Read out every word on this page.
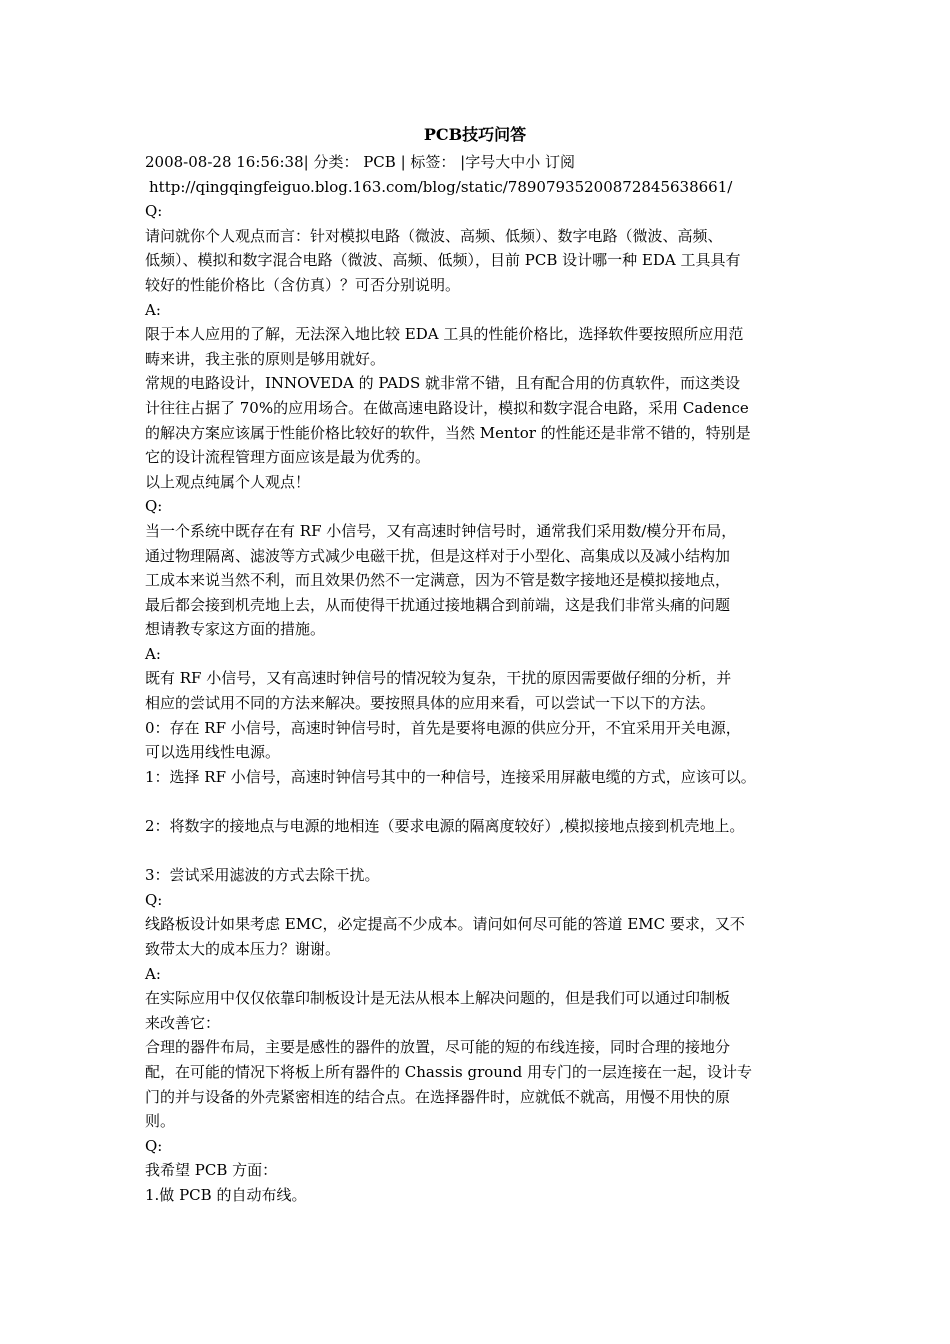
PCB技巧问答
2008-08-28 16:56:38| 分类： PCB | 标签： |字号大中小 订阅
http://qingqingfeiguo.blog.163.com/blog/static/78907935200872845638661/
Q:
请问就你个人观点而言：针对模拟电路（微波、高频、低频）、数字电路（微波、高频、
低频）、模拟和数字混合电路（微波、高频、低频），目前 PCB 设计哪一种 EDA 工具具有
较好的性能价格比（含仿真）？可否分别说明。
A:
限于本人应用的了解，无法深入地比较 EDA 工具的性能价格比，选择软件要按照所应用范
畴来讲，我主张的原则是够用就好。
常规的电路设计，INNOVEDA 的 PADS 就非常不错，且有配合用的仿真软件，而这类设
计往往占据了 70%的应用场合。在做高速电路设计，模拟和数字混合电路，采用 Cadence
的解决方案应该属于性能价格比较好的软件，当然 Mentor 的性能还是非常不错的，特别是
它的设计流程管理方面应该是最为优秀的。
以上观点纯属个人观点！
Q:
当一个系统中既存在有 RF 小信号，又有高速时钟信号时，通常我们采用数/模分开布局，
通过物理隔离、滤波等方式减少电磁干扰，但是这样对于小型化、高集成以及减小结构加
工成本来说当然不利，而且效果仍然不一定满意，因为不管是数字接地还是模拟接地点，
最后都会接到机壳地上去，从而使得干扰通过接地耦合到前端，这是我们非常头痛的问题
想请教专家这方面的措施。
A:
既有 RF 小信号，又有高速时钟信号的情况较为复杂，干扰的原因需要做仔细的分析，并
相应的尝试用不同的方法来解决。要按照具体的应用来看，可以尝试一下以下的方法。
0：存在 RF 小信号，高速时钟信号时，首先是要将电源的供应分开，不宜采用开关电源，
可以选用线性电源。
1：选择 RF 小信号，高速时钟信号其中的一种信号，连接采用屏蔽电缆的方式，应该可以。
2：将数字的接地点与电源的地相连（要求电源的隔离度较好）,模拟接地点接到机壳地上。
3：尝试采用滤波的方式去除干扰。
Q:
线路板设计如果考虑 EMC，必定提高不少成本。请问如何尽可能的答道 EMC 要求，又不
致带太大的成本压力？谢谢。
A:
在实际应用中仅仅依靠印制板设计是无法从根本上解决问题的，但是我们可以通过印制板
来改善它：
合理的器件布局，主要是感性的器件的放置，尽可能的短的布线连接，同时合理的接地分
配，在可能的情况下将板上所有器件的 Chassis ground 用专门的一层连接在一起，设计专
门的并与设备的外壳紧密相连的结合点。在选择器件时，应就低不就高，用慢不用快的原
则。
Q:
我希望 PCB 方面：
1.做 PCB 的自动布线。
